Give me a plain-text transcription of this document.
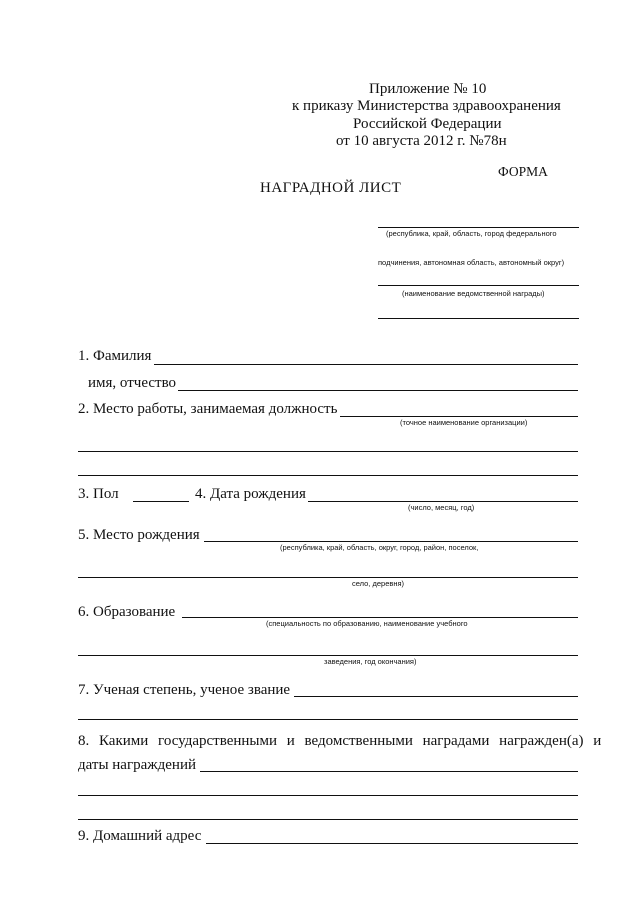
Приложение № 10
к приказу Министерства здравоохранения
Российской Федерации
от 10 августа 2012 г. №78н
ФОРМА
НАГРАДНОЙ ЛИСТ
(республика, край, область, город федерального
подчинения, автономная область, автономный округ)
(наименование ведомственной награды)
1. Фамилия
имя, отчество
2. Место работы, занимаемая должность
(точное наименование организации)
3. Пол	4. Дата рождения
(число, месяц, год)
5. Место рождения
(республика, край, область, округ, город, район, поселок,
село, деревня)
6. Образование
(специальность по образованию, наименование учебного
заведения, год окончания)
7. Ученая степень, ученое звание
8. Какими государственными и ведомственными наградами награжден(а) и
даты награждений
9. Домашний адрес
